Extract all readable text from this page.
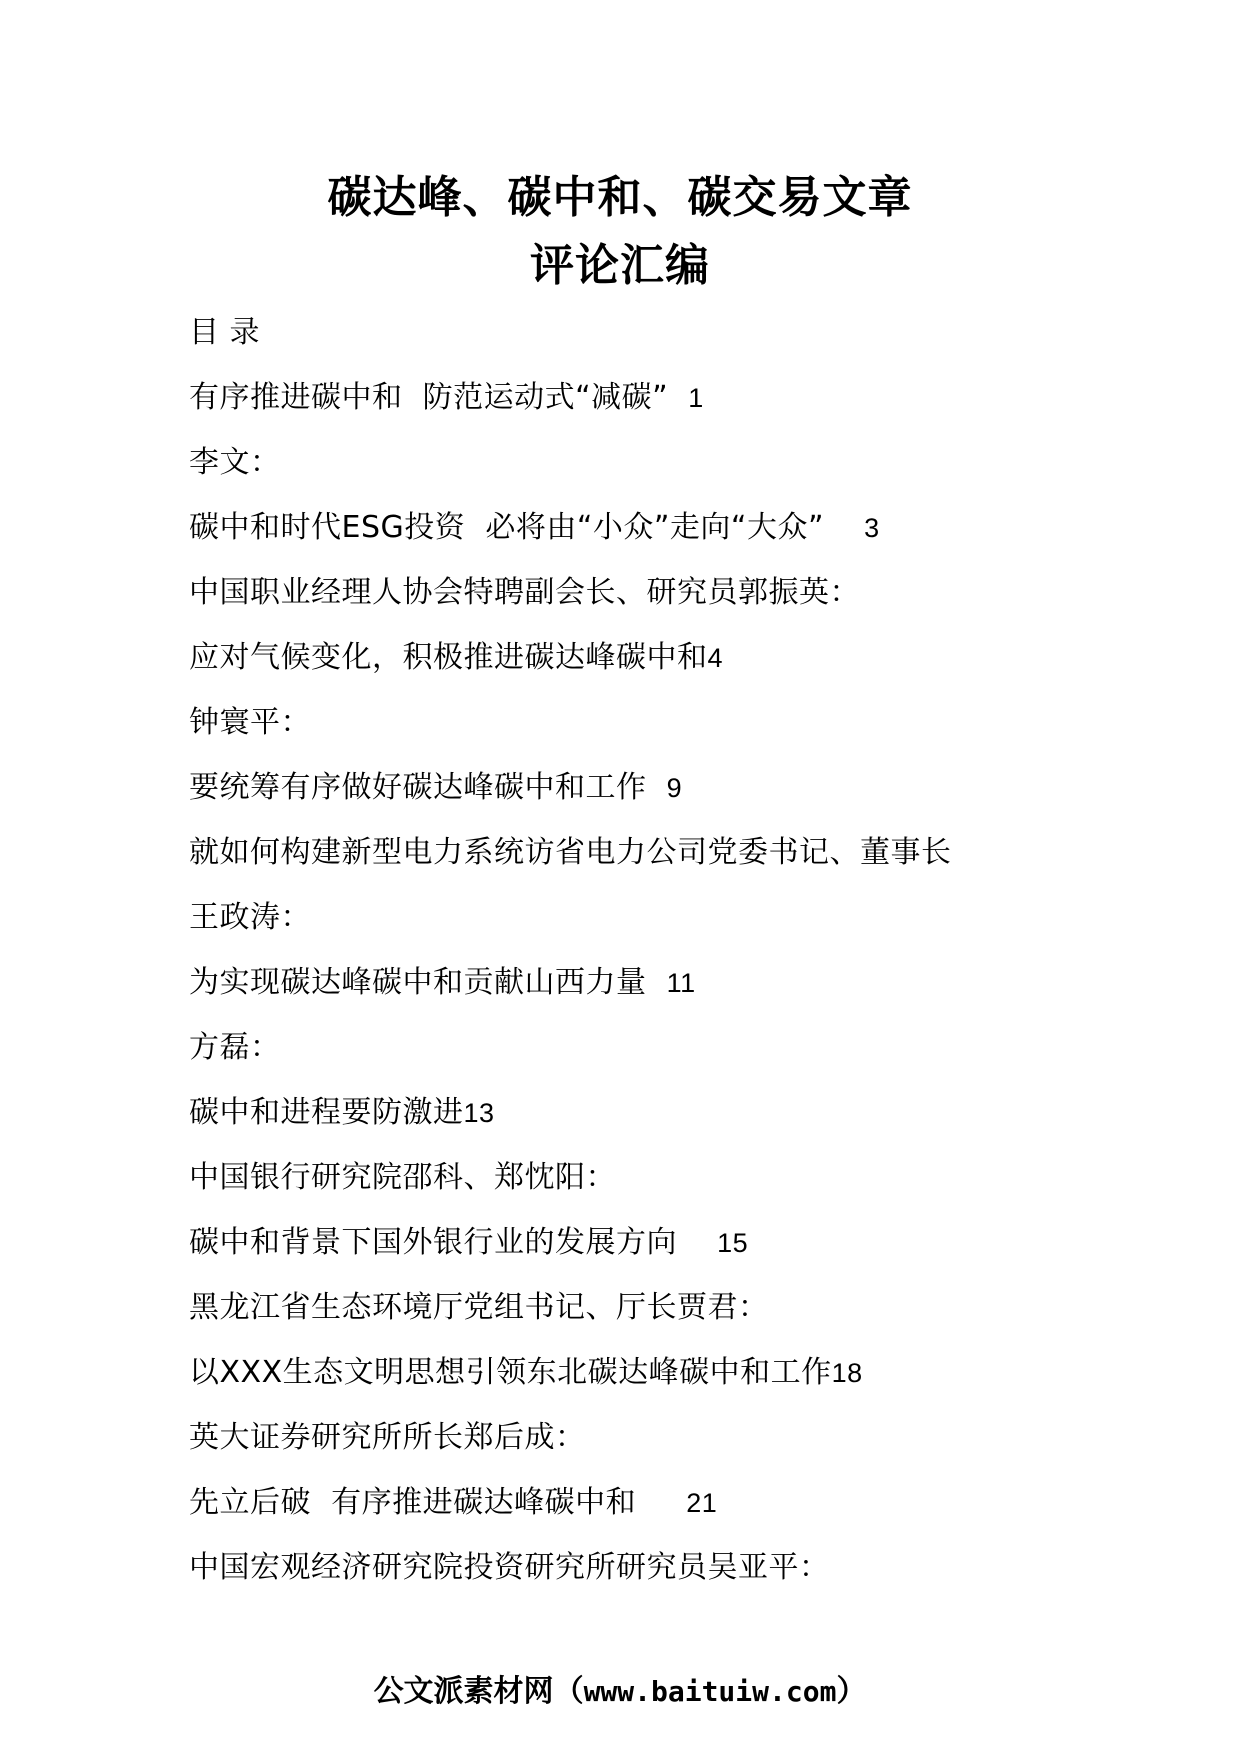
碳达峰、碳中和、碳交易文章
评论汇编
目 录
有序推进碳中和  防范运动式“减碳”  1
李文：
碳中和时代ESG投资  必将由“小众”走向“大众”    3
中国职业经理人协会特聘副会长、研究员郭振英：
应对气候变化，积极推进碳达峰碳中和4
钟寰平：
要统筹有序做好碳达峰碳中和工作  9
就如何构建新型电力系统访省电力公司党委书记、董事长
王政涛：
为实现碳达峰碳中和贡献山西力量  11
方磊：
碳中和进程要防激进13
中国银行研究院邵科、郑忱阳：
碳中和背景下国外银行业的发展方向    15
黑龙江省生态环境厅党组书记、厅长贾君：
以XXX生态文明思想引领东北碳达峰碳中和工作18
英大证券研究所所长郑后成：
先立后破  有序推进碳达峰碳中和     21
中国宏观经济研究院投资研究所研究员吴亚平：
公文派素材网（www.baituiw.com）
